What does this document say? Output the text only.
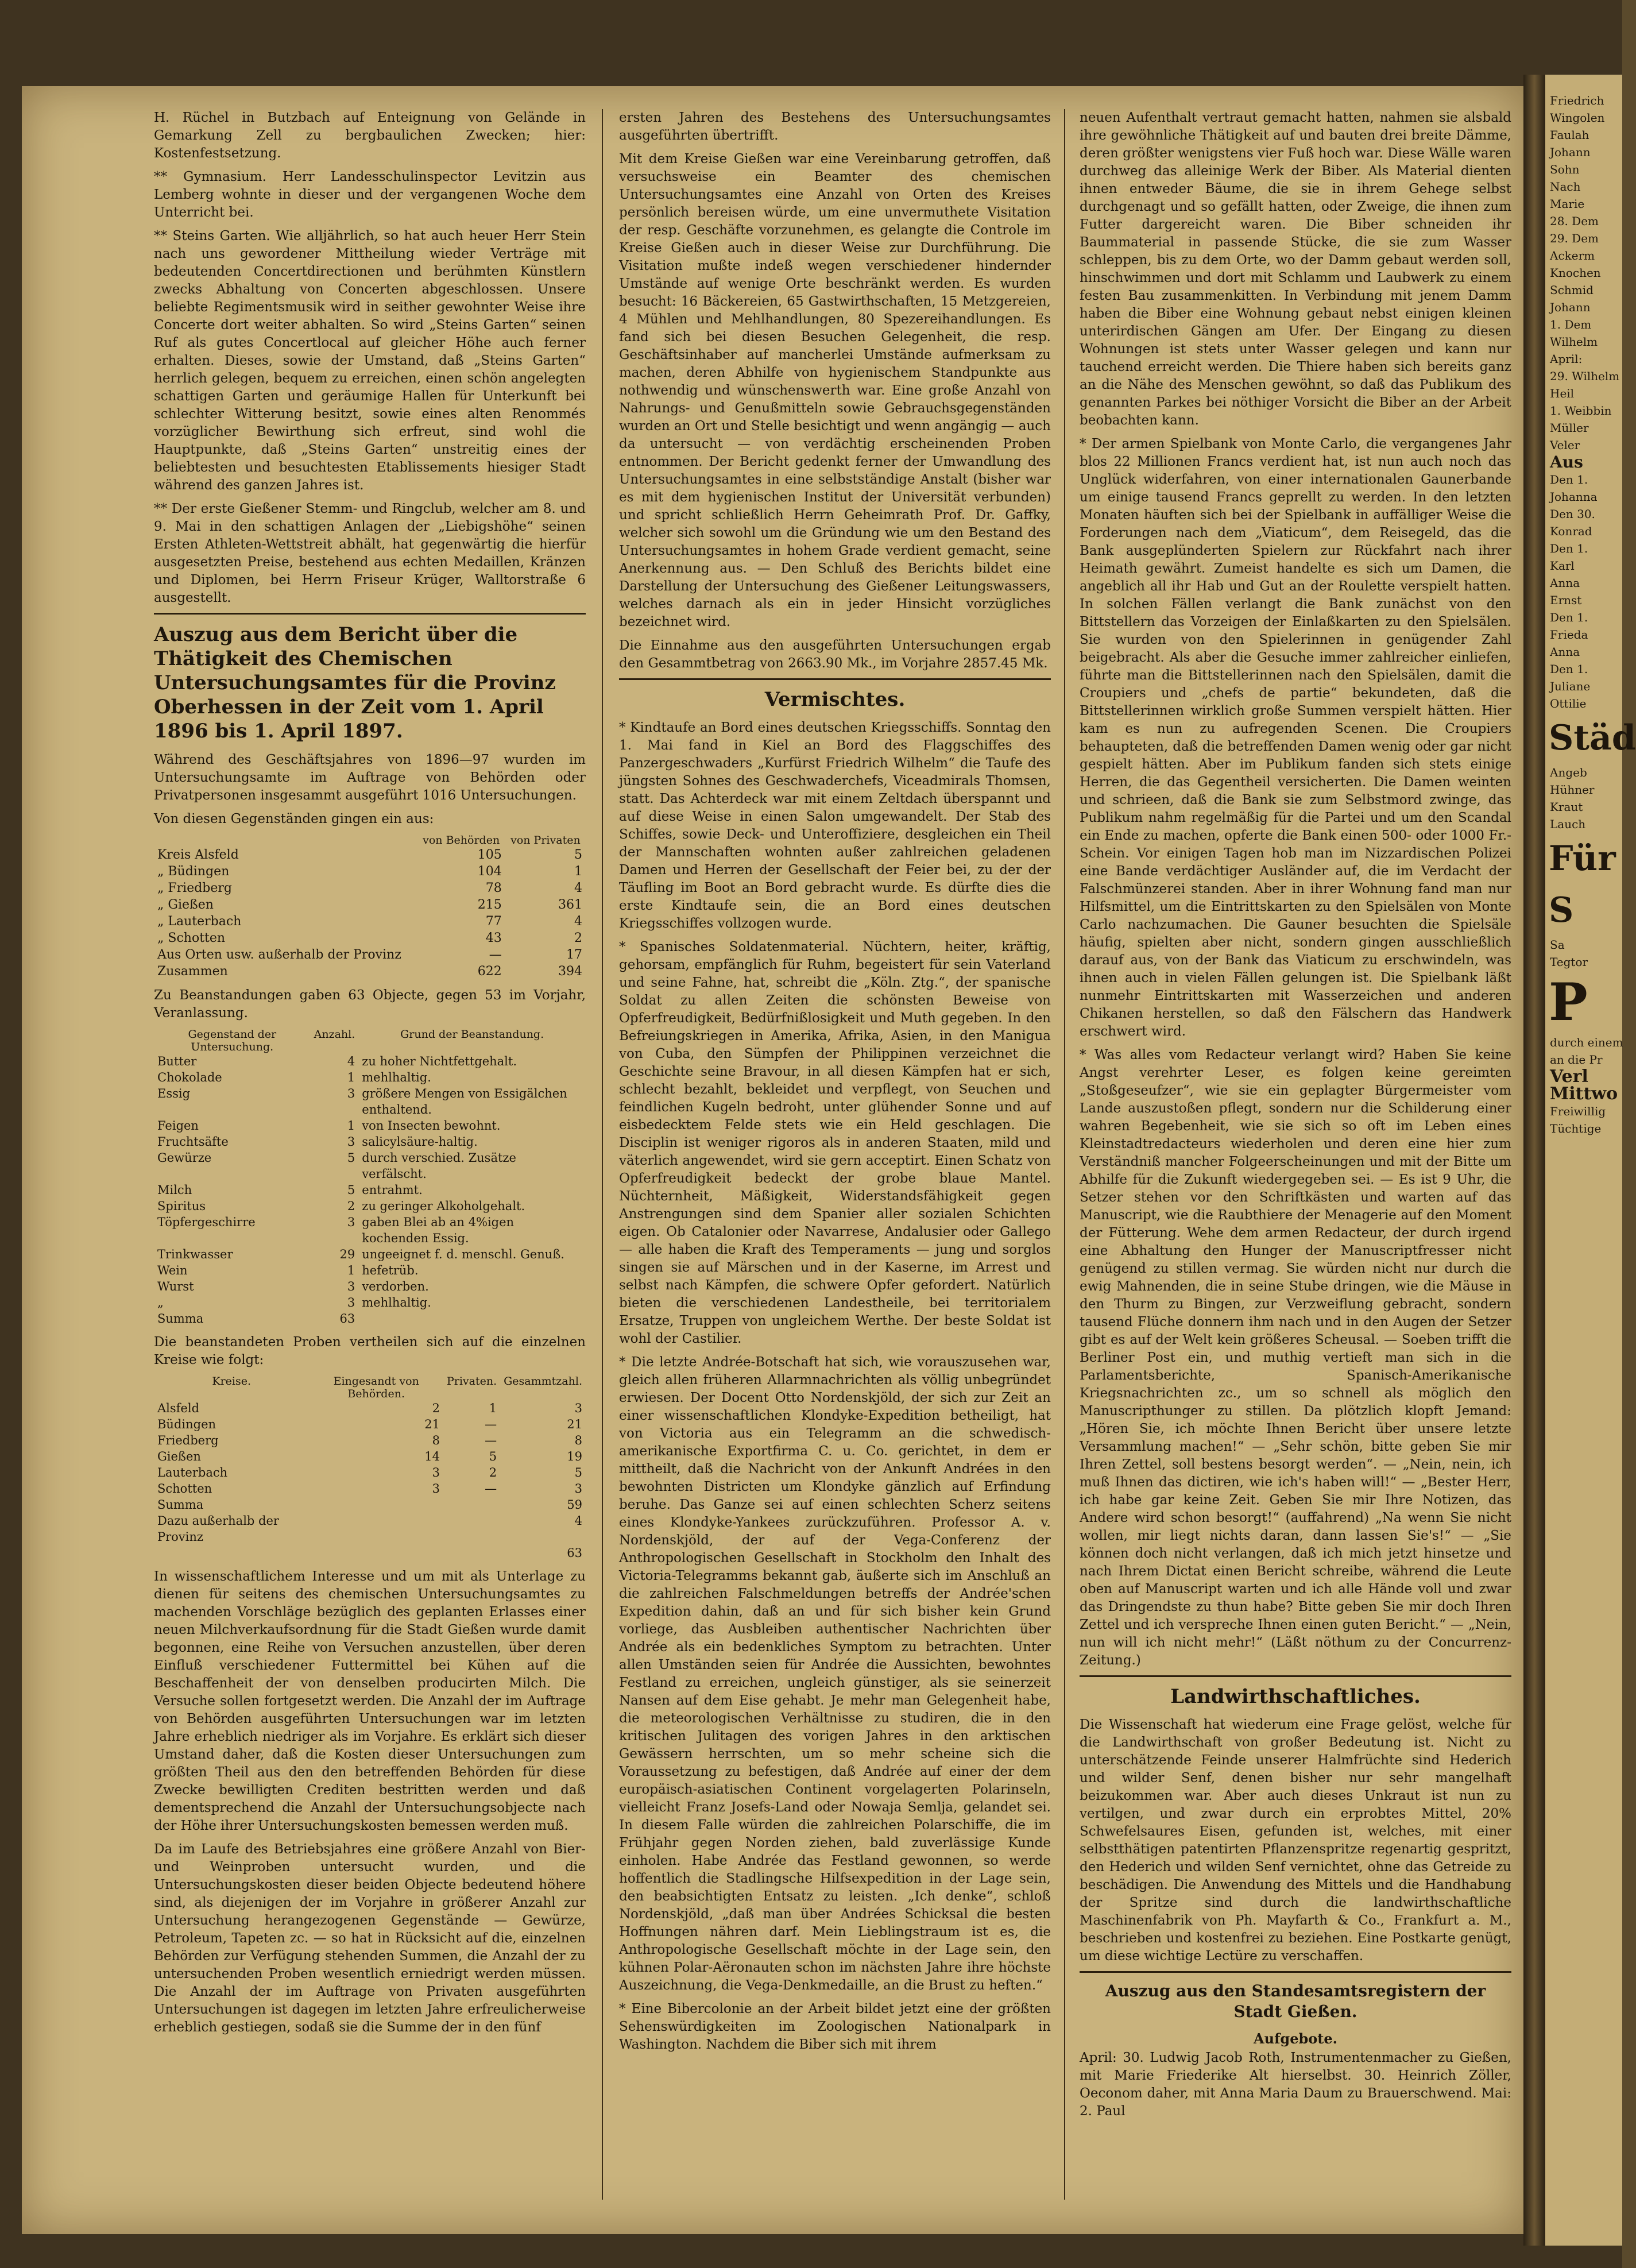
H. Rüchel in Butzbach auf Enteignung von Gelände in Gemarkung Zell zu bergbaulichen Zwecken; hier: Kostenfestsetzung.

** Gymnasium. Herr Landesschulinspector Levitzin aus Lemberg wohnte in dieser und der vergangenen Woche dem Unterricht bei.

** Steins Garten. Wie alljährlich, so hat auch heuer Herr Stein nach uns gewordener Mittheilung wieder Verträge mit bedeutenden Concertdirectionen und berühmten Künstlern zwecks Abhaltung von Concerten abgeschlossen. Unsere beliebte Regimentsmusik wird in seither gewohnter Weise ihre Concerte dort weiter abhalten. So wird „Steins Garten“ seinen Ruf als gutes Concertlocal auf gleicher Höhe auch ferner erhalten. Dieses, sowie der Umstand, daß „Steins Garten“ herrlich gelegen, bequem zu erreichen, einen schön angelegten schattigen Garten und geräumige Hallen für Unterkunft bei schlechter Witterung besitzt, sowie eines alten Renommés vorzüglicher Bewirthung sich erfreut, sind wohl die Hauptpunkte, daß „Steins Garten“ unstreitig eines der beliebtesten und besuchtesten Etablissements hiesiger Stadt während des ganzen Jahres ist.

** Der erste Gießener Stemm- und Ringclub, welcher am 8. und 9. Mai in den schattigen Anlagen der „Liebigshöhe“ seinen Ersten Athleten-Wettstreit abhält, hat gegenwärtig die hierfür ausgesetzten Preise, bestehend aus echten Medaillen, Kränzen und Diplomen, bei Herrn Friseur Krüger, Walltorstraße 6 ausgestellt.

Auszug aus dem Bericht über die Thätigkeit des Chemischen Untersuchungsamtes für die Provinz Oberhessen in der Zeit vom 1. April 1896 bis 1. April 1897.

Während des Geschäftsjahres von 1896—97 wurden im Untersuchungsamte im Auftrage von Behörden oder Privatpersonen insgesammt ausgeführt 1016 Untersuchungen.

Von diesen Gegenständen gingen ein aus:

	von Behörden	von Privaten
Kreis Alsfeld	105	5
„ Büdingen	104	1
„ Friedberg	78	4
„ Gießen	215	361
„ Lauterbach	77	4
„ Schotten	43	2
Aus Orten usw. außerhalb der Provinz	—	17
Zusammen	622	394

Zu Beanstandungen gaben 63 Objecte, gegen 53 im Vorjahr, Veranlassung.

Gegenstand der Untersuchung.	Anzahl.	Grund der Beanstandung.
Butter	4	zu hoher Nichtfettgehalt.
Chokolade	1	mehlhaltig.
Essig	3	größere Mengen von Essigälchen enthaltend.
Feigen	1	von Insecten bewohnt.
Fruchtsäfte	3	salicylsäure-haltig.
Gewürze	5	durch verschied. Zusätze verfälscht.
Milch	5	entrahmt.
Spiritus	2	zu geringer Alkoholgehalt.
Töpfergeschirre	3	gaben Blei ab an 4%igen kochenden Essig.
Trinkwasser	29	ungeeignet f. d. menschl. Genuß.
Wein	1	hefetrüb.
Wurst	3	verdorben.
„	3	mehlhaltig.
Summa	63	

Die beanstandeten Proben vertheilen sich auf die einzelnen Kreise wie folgt:

Kreise.	Eingesandt von Behörden.	Privaten.	Gesammtzahl.
Alsfeld	2	1	3
Büdingen	21	—	21
Friedberg	8	—	8
Gießen	14	5	19
Lauterbach	3	2	5
Schotten	3	—	3
Summa			59
Dazu außerhalb der Provinz			4
			63

In wissenschaftlichem Interesse und um mit als Unterlage zu dienen für seitens des chemischen Untersuchungsamtes zu machenden Vorschläge bezüglich des geplanten Erlasses einer neuen Milchverkaufsordnung für die Stadt Gießen wurde damit begonnen, eine Reihe von Versuchen anzustellen, über deren Einfluß verschiedener Futtermittel bei Kühen auf die Beschaffenheit der von denselben producirten Milch. Die Versuche sollen fortgesetzt werden. Die Anzahl der im Auftrage von Behörden ausgeführten Untersuchungen war im letzten Jahre erheblich niedriger als im Vorjahre. Es erklärt sich dieser Umstand daher, daß die Kosten dieser Untersuchungen zum größten Theil aus den den betreffenden Behörden für diese Zwecke bewilligten Crediten bestritten werden und daß dementsprechend die Anzahl der Untersuchungsobjecte nach der Höhe ihrer Untersuchungskosten bemessen werden muß.

Da im Laufe des Betriebsjahres eine größere Anzahl von Bier- und Weinproben untersucht wurden, und die Untersuchungskosten dieser beiden Objecte bedeutend höhere sind, als diejenigen der im Vorjahre in größerer Anzahl zur Untersuchung herangezogenen Gegenstände — Gewürze, Petroleum, Tapeten zc. — so hat in Rücksicht auf die, einzelnen Behörden zur Verfügung stehenden Summen, die Anzahl der zu untersuchenden Proben wesentlich erniedrigt werden müssen. Die Anzahl der im Auftrage von Privaten ausgeführten Untersuchungen ist dagegen im letzten Jahre erfreulicherweise erheblich gestiegen, sodaß sie die Summe der in den fünf

ersten Jahren des Bestehens des Untersuchungsamtes ausgeführten übertrifft.

Mit dem Kreise Gießen war eine Vereinbarung getroffen, daß versuchsweise ein Beamter des chemischen Untersuchungsamtes eine Anzahl von Orten des Kreises persönlich bereisen würde, um eine unvermuthete Visitation der resp. Geschäfte vorzunehmen, es gelangte die Controle im Kreise Gießen auch in dieser Weise zur Durchführung. Die Visitation mußte indeß wegen verschiedener hindernder Umstände auf wenige Orte beschränkt werden. Es wurden besucht: 16 Bäckereien, 65 Gastwirthschaften, 15 Metzgereien, 4 Mühlen und Mehlhandlungen, 80 Spezereihandlungen. Es fand sich bei diesen Besuchen Gelegenheit, die resp. Geschäftsinhaber auf mancherlei Umstände aufmerksam zu machen, deren Abhilfe von hygienischem Standpunkte aus nothwendig und wünschenswerth war. Eine große Anzahl von Nahrungs- und Genußmitteln sowie Gebrauchsgegenständen wurden an Ort und Stelle besichtigt und wenn angängig — auch da untersucht — von verdächtig erscheinenden Proben entnommen. Der Bericht gedenkt ferner der Umwandlung des Untersuchungsamtes in eine selbstständige Anstalt (bisher war es mit dem hygienischen Institut der Universität verbunden) und spricht schließlich Herrn Geheimrath Prof. Dr. Gaffky, welcher sich sowohl um die Gründung wie um den Bestand des Untersuchungsamtes in hohem Grade verdient gemacht, seine Anerkennung aus. — Den Schluß des Berichts bildet eine Darstellung der Untersuchung des Gießener Leitungswassers, welches darnach als ein in jeder Hinsicht vorzügliches bezeichnet wird.

Die Einnahme aus den ausgeführten Untersuchungen ergab den Gesammtbetrag von 2663.90 Mk., im Vorjahre 2857.45 Mk.

Vermischtes.

* Kindtaufe an Bord eines deutschen Kriegsschiffs. Sonntag den 1. Mai fand in Kiel an Bord des Flaggschiffes des Panzergeschwaders „Kurfürst Friedrich Wilhelm“ die Taufe des jüngsten Sohnes des Geschwaderchefs, Viceadmirals Thomsen, statt. Das Achterdeck war mit einem Zeltdach überspannt und auf diese Weise in einen Salon umgewandelt. Der Stab des Schiffes, sowie Deck- und Unteroffiziere, desgleichen ein Theil der Mannschaften wohnten außer zahlreichen geladenen Damen und Herren der Gesellschaft der Feier bei, zu der der Täufling im Boot an Bord gebracht wurde. Es dürfte dies die erste Kindtaufe sein, die an Bord eines deutschen Kriegsschiffes vollzogen wurde.

* Spanisches Soldatenmaterial. Nüchtern, heiter, kräftig, gehorsam, empfänglich für Ruhm, begeistert für sein Vaterland und seine Fahne, hat, schreibt die „Köln. Ztg.“, der spanische Soldat zu allen Zeiten die schönsten Beweise von Opferfreudigkeit, Bedürfnißlosigkeit und Muth gegeben. In den Befreiungskriegen in Amerika, Afrika, Asien, in den Manigua von Cuba, den Sümpfen der Philippinen verzeichnet die Geschichte seine Bravour, in all diesen Kämpfen hat er sich, schlecht bezahlt, bekleidet und verpflegt, von Seuchen und feindlichen Kugeln bedroht, unter glühender Sonne und auf eisbedecktem Felde stets wie ein Held geschlagen. Die Disciplin ist weniger rigoros als in anderen Staaten, mild und väterlich angewendet, wird sie gern acceptirt. Einen Schatz von Opferfreudigkeit bedeckt der grobe blaue Mantel. Nüchternheit, Mäßigkeit, Widerstandsfähigkeit gegen Anstrengungen sind dem Spanier aller sozialen Schichten eigen. Ob Catalonier oder Navarrese, Andalusier oder Gallego — alle haben die Kraft des Temperaments — jung und sorglos singen sie auf Märschen und in der Kaserne, im Arrest und selbst nach Kämpfen, die schwere Opfer gefordert. Natürlich bieten die verschiedenen Landestheile, bei territorialem Ersatze, Truppen von ungleichem Werthe. Der beste Soldat ist wohl der Castilier.

* Die letzte Andrée-Botschaft hat sich, wie vorauszusehen war, gleich allen früheren Allarmnachrichten als völlig unbegründet erwiesen. Der Docent Otto Nordenskjöld, der sich zur Zeit an einer wissenschaftlichen Klondyke-Expedition betheiligt, hat von Victoria aus ein Telegramm an die schwedisch-amerikanische Exportfirma C. u. Co. gerichtet, in dem er mittheilt, daß die Nachricht von der Ankunft Andrées in den bewohnten Districten um Klondyke gänzlich auf Erfindung beruhe. Das Ganze sei auf einen schlechten Scherz seitens eines Klondyke-Yankees zurückzuführen. Professor A. v. Nordenskjöld, der auf der Vega-Conferenz der Anthropologischen Gesellschaft in Stockholm den Inhalt des Victoria-Telegramms bekannt gab, äußerte sich im Anschluß an die zahlreichen Falschmeldungen betreffs der Andrée'schen Expedition dahin, daß an und für sich bisher kein Grund vorliege, das Ausbleiben authentischer Nachrichten über Andrée als ein bedenkliches Symptom zu betrachten. Unter allen Umständen seien für Andrée die Aussichten, bewohntes Festland zu erreichen, ungleich günstiger, als sie seinerzeit Nansen auf dem Eise gehabt. Je mehr man Gelegenheit habe, die meteorologischen Verhältnisse zu studiren, die in den kritischen Julitagen des vorigen Jahres in den arktischen Gewässern herrschten, um so mehr scheine sich die Voraussetzung zu befestigen, daß Andrée auf einer der dem europäisch-asiatischen Continent vorgelagerten Polarinseln, vielleicht Franz Josefs-Land oder Nowaja Semlja, gelandet sei. In diesem Falle würden die zahlreichen Polarschiffe, die im Frühjahr gegen Norden ziehen, bald zuverlässige Kunde einholen. Habe Andrée das Festland gewonnen, so werde hoffentlich die Stadlingsche Hilfsexpedition in der Lage sein, den beabsichtigten Entsatz zu leisten. „Ich denke“, schloß Nordenskjöld, „daß man über Andrées Schicksal die besten Hoffnungen nähren darf. Mein Lieblingstraum ist es, die Anthropologische Gesellschaft möchte in der Lage sein, den kühnen Polar-Aëronauten schon im nächsten Jahre ihre höchste Auszeichnung, die Vega-Denkmedaille, an die Brust zu heften.“

* Eine Bibercolonie an der Arbeit bildet jetzt eine der größten Sehenswürdigkeiten im Zoologischen Nationalpark in Washington. Nachdem die Biber sich mit ihrem

neuen Aufenthalt vertraut gemacht hatten, nahmen sie alsbald ihre gewöhnliche Thätigkeit auf und bauten drei breite Dämme, deren größter wenigstens vier Fuß hoch war. Diese Wälle waren durchweg das alleinige Werk der Biber. Als Material dienten ihnen entweder Bäume, die sie in ihrem Gehege selbst durchgenagt und so gefällt hatten, oder Zweige, die ihnen zum Futter dargereicht waren. Die Biber schneiden ihr Baummaterial in passende Stücke, die sie zum Wasser schleppen, bis zu dem Orte, wo der Damm gebaut werden soll, hinschwimmen und dort mit Schlamm und Laubwerk zu einem festen Bau zusammenkitten. In Verbindung mit jenem Damm haben die Biber eine Wohnung gebaut nebst einigen kleinen unterirdischen Gängen am Ufer. Der Eingang zu diesen Wohnungen ist stets unter Wasser gelegen und kann nur tauchend erreicht werden. Die Thiere haben sich bereits ganz an die Nähe des Menschen gewöhnt, so daß das Publikum des genannten Parkes bei nöthiger Vorsicht die Biber an der Arbeit beobachten kann.

* Der armen Spielbank von Monte Carlo, die vergangenes Jahr blos 22 Millionen Francs verdient hat, ist nun auch noch das Unglück widerfahren, von einer internationalen Gaunerbande um einige tausend Francs geprellt zu werden. In den letzten Monaten häuften sich bei der Spielbank in auffälliger Weise die Forderungen nach dem „Viaticum“, dem Reisegeld, das die Bank ausgeplünderten Spielern zur Rückfahrt nach ihrer Heimath gewährt. Zumeist handelte es sich um Damen, die angeblich all ihr Hab und Gut an der Roulette verspielt hatten. In solchen Fällen verlangt die Bank zunächst von den Bittstellern das Vorzeigen der Einlaßkarten zu den Spielsälen. Sie wurden von den Spielerinnen in genügender Zahl beigebracht. Als aber die Gesuche immer zahlreicher einliefen, führte man die Bittstellerinnen nach den Spielsälen, damit die Croupiers und „chefs de partie“ bekundeten, daß die Bittstellerinnen wirklich große Summen verspielt hätten. Hier kam es nun zu aufregenden Scenen. Die Croupiers behaupteten, daß die betreffenden Damen wenig oder gar nicht gespielt hätten. Aber im Publikum fanden sich stets einige Herren, die das Gegentheil versicherten. Die Damen weinten und schrieen, daß die Bank sie zum Selbstmord zwinge, das Publikum nahm regelmäßig für die Partei und um den Scandal ein Ende zu machen, opferte die Bank einen 500- oder 1000 Fr.-Schein. Vor einigen Tagen hob man im Nizzardischen Polizei eine Bande verdächtiger Ausländer auf, die im Verdacht der Falschmünzerei standen. Aber in ihrer Wohnung fand man nur Hilfsmittel, um die Eintrittskarten zu den Spielsälen von Monte Carlo nachzumachen. Die Gauner besuchten die Spielsäle häufig, spielten aber nicht, sondern gingen ausschließlich darauf aus, von der Bank das Viaticum zu erschwindeln, was ihnen auch in vielen Fällen gelungen ist. Die Spielbank läßt nunmehr Eintrittskarten mit Wasserzeichen und anderen Chikanen herstellen, so daß den Fälschern das Handwerk erschwert wird.

* Was alles vom Redacteur verlangt wird? Haben Sie keine Angst verehrter Leser, es folgen keine gereimten „Stoßgeseufzer“, wie sie ein geplagter Bürgermeister vom Lande auszustoßen pflegt, sondern nur die Schilderung einer wahren Begebenheit, wie sie sich so oft im Leben eines Kleinstadtredacteurs wiederholen und deren eine hier zum Verständniß mancher Folgeerscheinungen und mit der Bitte um Abhilfe für die Zukunft wiedergegeben sei. — Es ist 9 Uhr, die Setzer stehen vor den Schriftkästen und warten auf das Manuscript, wie die Raubthiere der Menagerie auf den Moment der Fütterung. Wehe dem armen Redacteur, der durch irgend eine Abhaltung den Hunger der Manuscriptfresser nicht genügend zu stillen vermag. Sie würden nicht nur durch die ewig Mahnenden, die in seine Stube dringen, wie die Mäuse in den Thurm zu Bingen, zur Verzweiflung gebracht, sondern tausend Flüche donnern ihm nach und in den Augen der Setzer gibt es auf der Welt kein größeres Scheusal. — Soeben trifft die Berliner Post ein, und muthig vertieft man sich in die Parlamentsberichte, Spanisch-Amerikanische Kriegsnachrichten zc., um so schnell als möglich den Manuscripthunger zu stillen. Da plötzlich klopft Jemand: „Hören Sie, ich möchte Ihnen Bericht über unsere letzte Versammlung machen!“ — „Sehr schön, bitte geben Sie mir Ihren Zettel, soll bestens besorgt werden“. — „Nein, nein, ich muß Ihnen das dictiren, wie ich's haben will!“ — „Bester Herr, ich habe gar keine Zeit. Geben Sie mir Ihre Notizen, das Andere wird schon besorgt!“ (auffahrend) „Na wenn Sie nicht wollen, mir liegt nichts daran, dann lassen Sie's!“ — „Sie können doch nicht verlangen, daß ich mich jetzt hinsetze und nach Ihrem Dictat einen Bericht schreibe, während die Leute oben auf Manuscript warten und ich alle Hände voll und zwar das Dringendste zu thun habe? Bitte geben Sie mir doch Ihren Zettel und ich verspreche Ihnen einen guten Bericht.“ — „Nein, nun will ich nicht mehr!“ (Läßt nöthum zu der Concurrenz-Zeitung.)

Landwirthschaftliches.

Die Wissenschaft hat wiederum eine Frage gelöst, welche für die Landwirthschaft von großer Bedeutung ist. Nicht zu unterschätzende Feinde unserer Halmfrüchte sind Hederich und wilder Senf, denen bisher nur sehr mangelhaft beizukommen war. Aber auch dieses Unkraut ist nun zu vertilgen, und zwar durch ein erprobtes Mittel, 20% Schwefelsaures Eisen, gefunden ist, welches, mit einer selbstthätigen patentirten Pflanzenspritze regenartig gespritzt, den Hederich und wilden Senf vernichtet, ohne das Getreide zu beschädigen. Die Anwendung des Mittels und die Handhabung der Spritze sind durch die landwirthschaftliche Maschinenfabrik von Ph. Mayfarth & Co., Frankfurt a. M., beschrieben und kostenfrei zu beziehen. Eine Postkarte genügt, um diese wichtige Lectüre zu verschaffen.

Auszug aus den Standesamtsregistern der Stadt Gießen.
Aufgebote.

April: 30. Ludwig Jacob Roth, Instrumentenmacher zu Gießen, mit Marie Friederike Alt hierselbst. 30. Heinrich Zöller, Oeconom daher, mit Anna Maria Daum zu Brauerschwend. Mai: 2. Paul

Friedrich
Wingolen
Faulah
Johann
Sohn
Nach
Marie
28. Dem
29. Dem
Ackerm
Knochen
Schmid
Johann
1. Dem
Wilhelm
April:
29. Wilhelm
Heil
1. Weibbin
Müller
Veler
Aus
Den 1.
Johanna
Den 30.
Konrad
Den 1.
Karl
Anna
Ernst
Den 1.
Frieda
Anna
Den 1.
Juliane
Ottilie
Städ
Angeb
Hühner
Kraut
Lauch
Für S
Sa
Tegtor
P
durch einem
an die Pr
Verl
Mittwo
Freiwillig
Tüchtige
